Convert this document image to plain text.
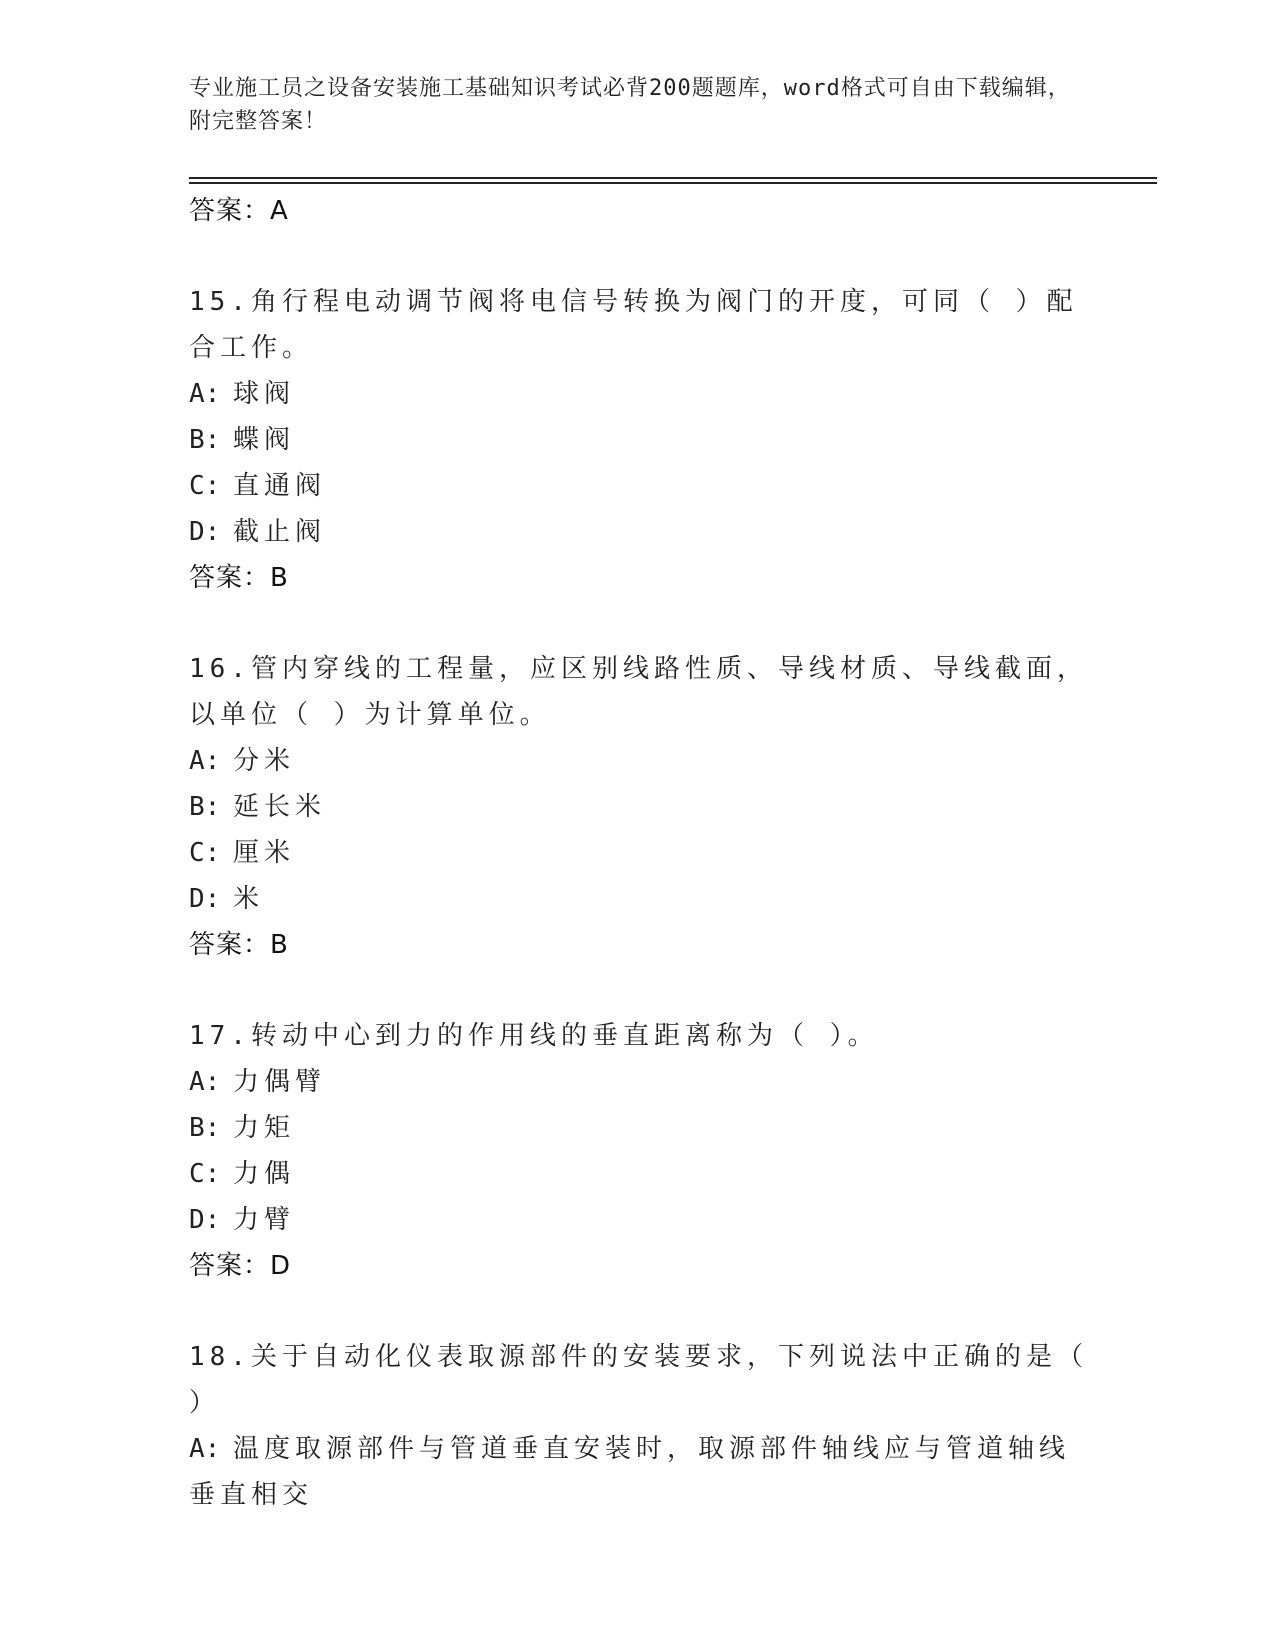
专业施工员之设备安装施工基础知识考试必背200题题库，word格式可自由下载编辑，附完整答案！
答案：A
15.角行程电动调节阀将电信号转换为阀门的开度，可同（ ）配合工作。
A: 球阀
B: 蝶阀
C: 直通阀
D: 截止阀
答案：B
16.管内穿线的工程量，应区别线路性质、导线材质、导线截面，以单位（ ）为计算单位。
A: 分米
B: 延长米
C: 厘米
D: 米
答案：B
17.转动中心到力的作用线的垂直距离称为（ ）。
A: 力偶臂
B: 力矩
C: 力偶
D: 力臂
答案：D
18.关于自动化仪表取源部件的安装要求，下列说法中正确的是（ ）
A: 温度取源部件与管道垂直安装时，取源部件轴线应与管道轴线垂直相交
